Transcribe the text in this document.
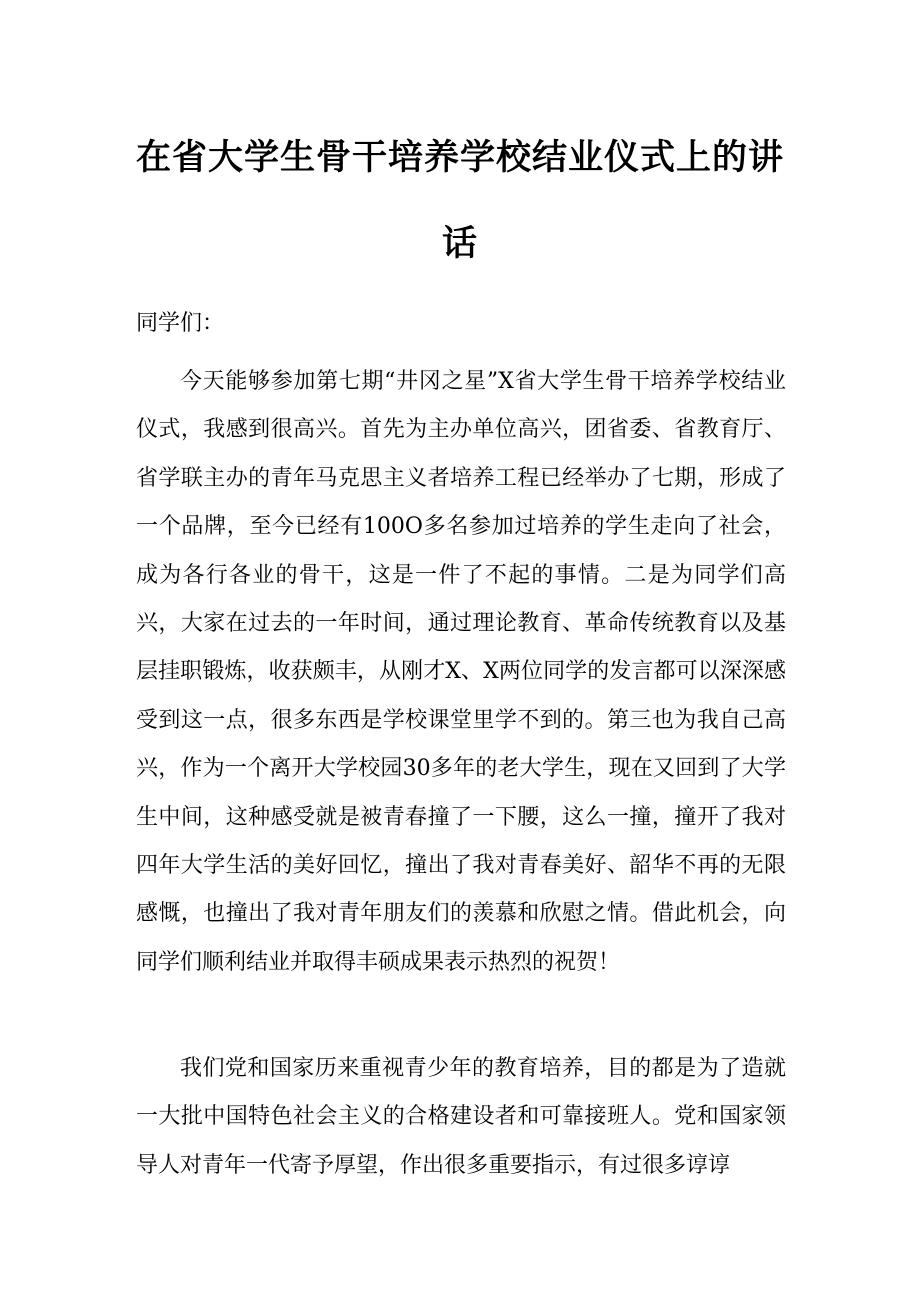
在省大学生骨干培养学校结业仪式上的讲
话

同学们：

今天能够参加第七期“井冈之星”X省大学生骨干培养学校结业仪式，我感到很高兴。首先为主办单位高兴，团省委、省教育厅、省学联主办的青年马克思主义者培养工程已经举办了七期，形成了一个品牌，至今已经有100O多名参加过培养的学生走向了社会，成为各行各业的骨干，这是一件了不起的事情。二是为同学们高兴，大家在过去的一年时间，通过理论教育、革命传统教育以及基层挂职锻炼，收获颇丰，从刚才X、X两位同学的发言都可以深深感受到这一点，很多东西是学校课堂里学不到的。第三也为我自己高兴，作为一个离开大学校园30多年的老大学生，现在又回到了大学生中间，这种感受就是被青春撞了一下腰，这么一撞，撞开了我对四年大学生活的美好回忆，撞出了我对青春美好、韶华不再的无限感慨，也撞出了我对青年朋友们的羡慕和欣慰之情。借此机会，向同学们顺利结业并取得丰硕成果表示热烈的祝贺！

我们党和国家历来重视青少年的教育培养，目的都是为了造就一大批中国特色社会主义的合格建设者和可靠接班人。党和国家领导人对青年一代寄予厚望，作出很多重要指示，有过很多谆谆
